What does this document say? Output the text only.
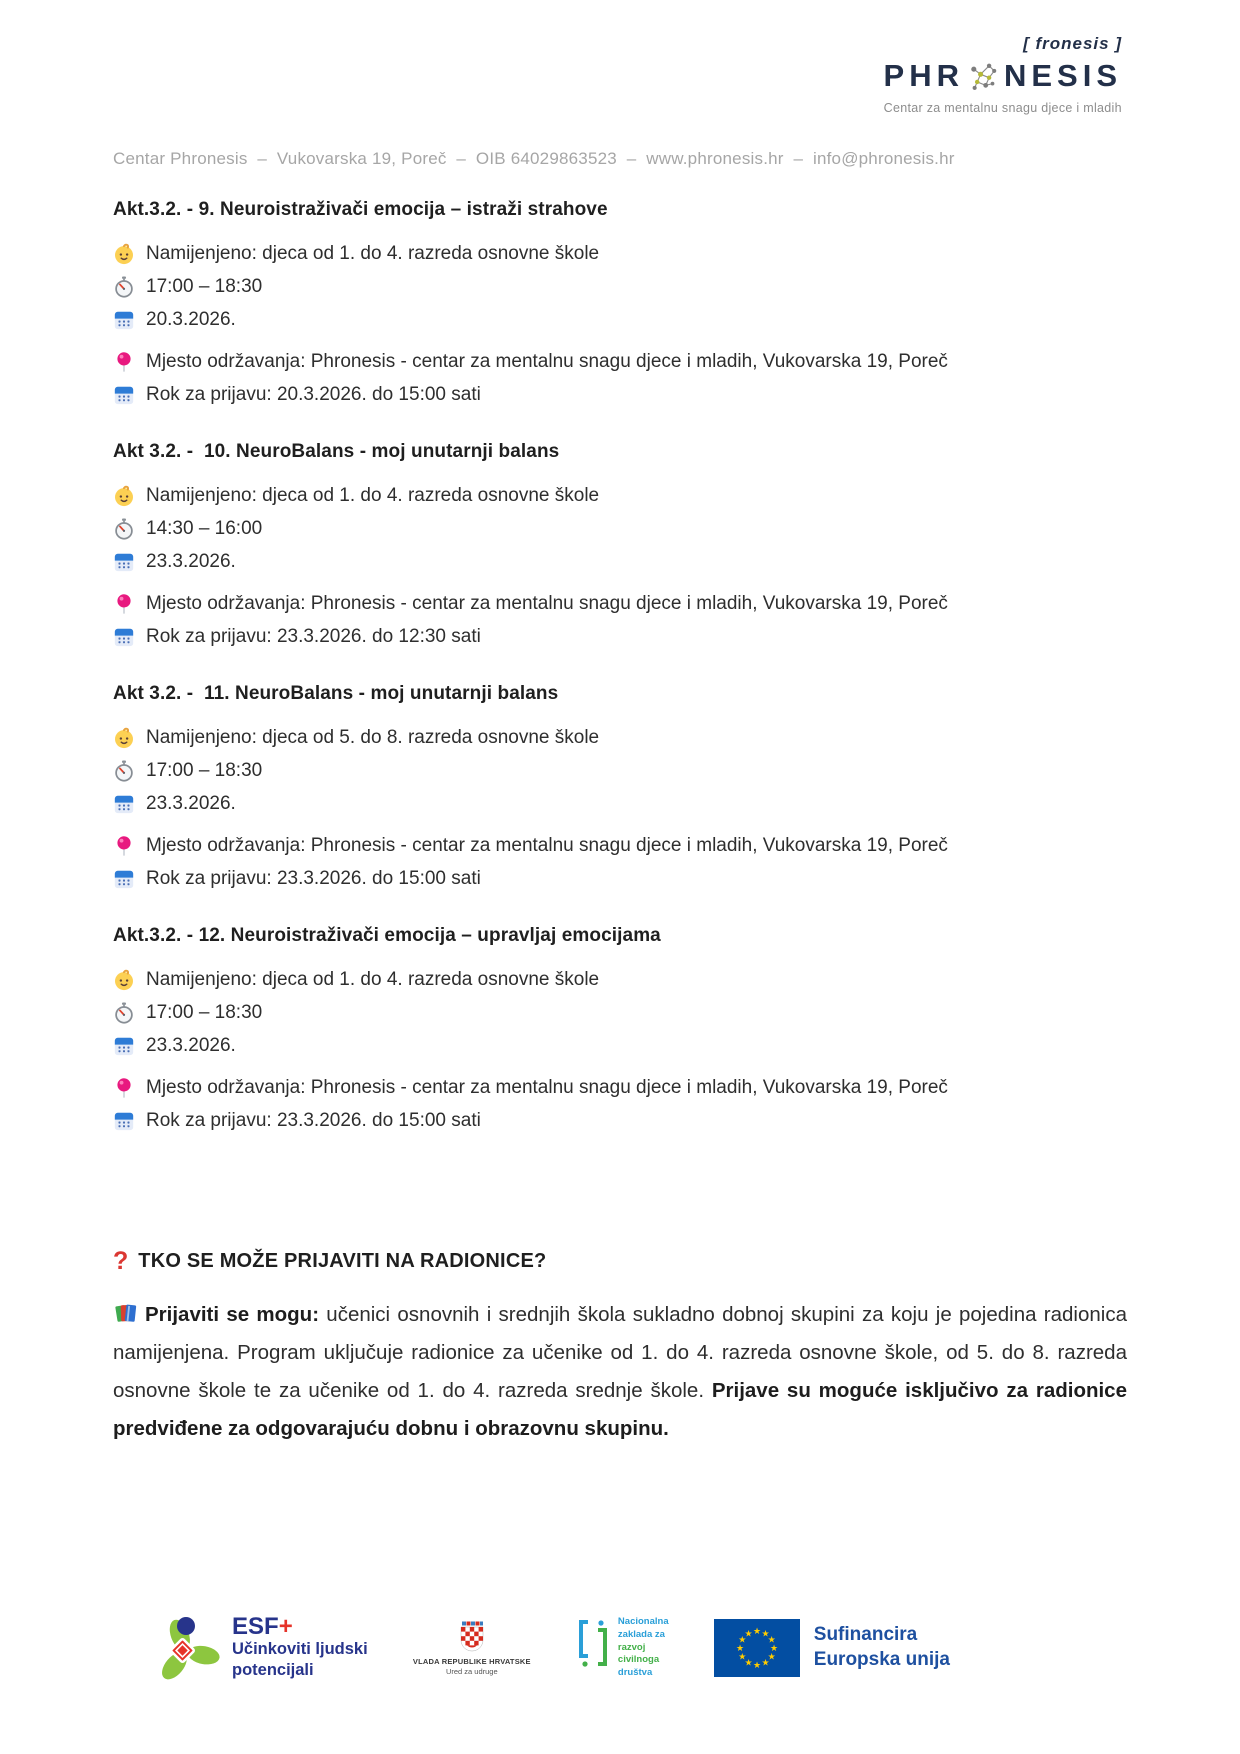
[ fronesis ]
PHR NESIS
Centar za mentalnu snagu djece i mladih
Centar Phronesis  –  Vukovarska 19, Poreč  –  OIB 64029863523  –  www.phronesis.hr  –  info@phronesis.hr
Akt.3.2. - 9. Neuroistraživači emocija – istraži strahove
Namijenjeno: djeca od 1. do 4. razreda osnovne škole
17:00 – 18:30
20.3.2026.
Mjesto održavanja: Phronesis - centar za mentalnu snagu djece i mladih, Vukovarska 19, Poreč
Rok za prijavu: 20.3.2026. do 15:00 sati
Akt 3.2. -  10. NeuroBalans - moj unutarnji balans
Namijenjeno: djeca od 1. do 4. razreda osnovne škole
14:30 – 16:00
23.3.2026.
Mjesto održavanja: Phronesis - centar za mentalnu snagu djece i mladih, Vukovarska 19, Poreč
Rok za prijavu: 23.3.2026. do 12:30 sati
Akt 3.2. -  11. NeuroBalans - moj unutarnji balans
Namijenjeno: djeca od 5. do 8. razreda osnovne škole
17:00 – 18:30
23.3.2026.
Mjesto održavanja: Phronesis - centar za mentalnu snagu djece i mladih, Vukovarska 19, Poreč
Rok za prijavu: 23.3.2026. do 15:00 sati
Akt.3.2. - 12. Neuroistraživači emocija – upravljaj emocijama
Namijenjeno: djeca od 1. do 4. razreda osnovne škole
17:00 – 18:30
23.3.2026.
Mjesto održavanja: Phronesis - centar za mentalnu snagu djece i mladih, Vukovarska 19, Poreč
Rok za prijavu: 23.3.2026. do 15:00 sati
? TKO SE MOŽE PRIJAVITI NA RADIONICE?

Prijaviti se mogu: učenici osnovnih i srednjih škola sukladno dobnoj skupini za koju je pojedina radionica namijenjena. Program uključuje radionice za učenike od 1. do 4. razreda osnovne škole, od 5. do 8. razreda osnovne škole te za učenike od 1. do 4. razreda srednje škole. Prijave su moguće isključivo za radionice predviđene za odgovarajuću dobnu i obrazovnu skupinu.

ESF+
Učinkoviti ljudski
potencijali	VLADA REPUBLIKE HRVATSKE
Ured za udruge
Nacionalna
zaklada za
razvoj
civilnoga
društva
★ ★
★
★
★
★
★
★
★
★
★
★	Sufinancira
Europska unija
